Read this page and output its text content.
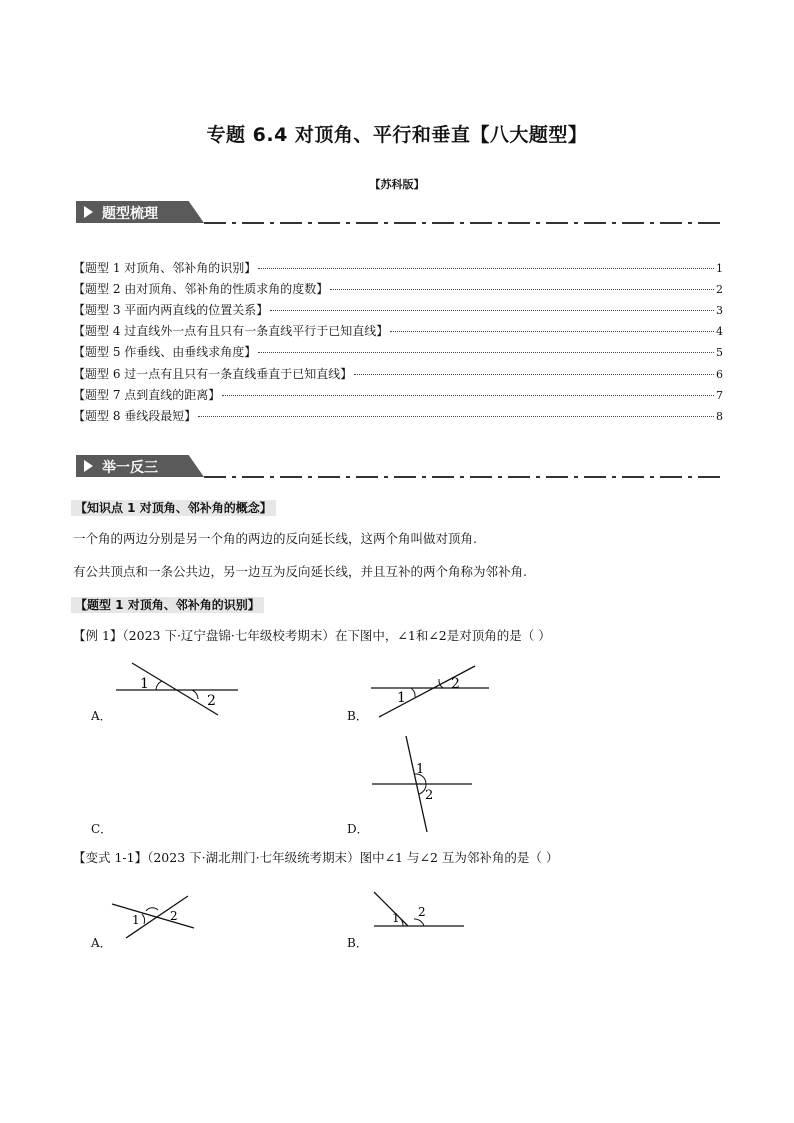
专题 6.4 对顶角、平行和垂直【八大题型】
【苏科版】
题型梳理
【题型 1 对顶角、邻补角的识别】	1
【题型 2 由对顶角、邻补角的性质求角的度数】	2
【题型 3 平面内两直线的位置关系】	3
【题型 4 过直线外一点有且只有一条直线平行于已知直线】	4
【题型 5 作垂线、由垂线求角度】	5
【题型 6 过一点有且只有一条直线垂直于已知直线】	6
【题型 7 点到直线的距离】	7
【题型 8 垂线段最短】	8
举一反三
【知识点 1 对顶角、邻补角的概念】
一个角的两边分别是另一个角的两边的反向延长线，这两个角叫做对顶角.
有公共顶点和一条公共边，另一边互为反向延长线，并且互补的两个角称为邻补角.
【题型 1 对顶角、邻补角的识别】
【例 1】（2023 下·辽宁盘锦·七年级校考期末）在下图中，∠1和∠2是对顶角的是（ ）
A．
1
2
B．
1
2
C．	D．
1
2
【变式 1-1】（2023 下·湖北荆门·七年级统考期末）图中∠1 与∠2 互为邻补角的是（ ）
A．
1	2
B．
1 2
